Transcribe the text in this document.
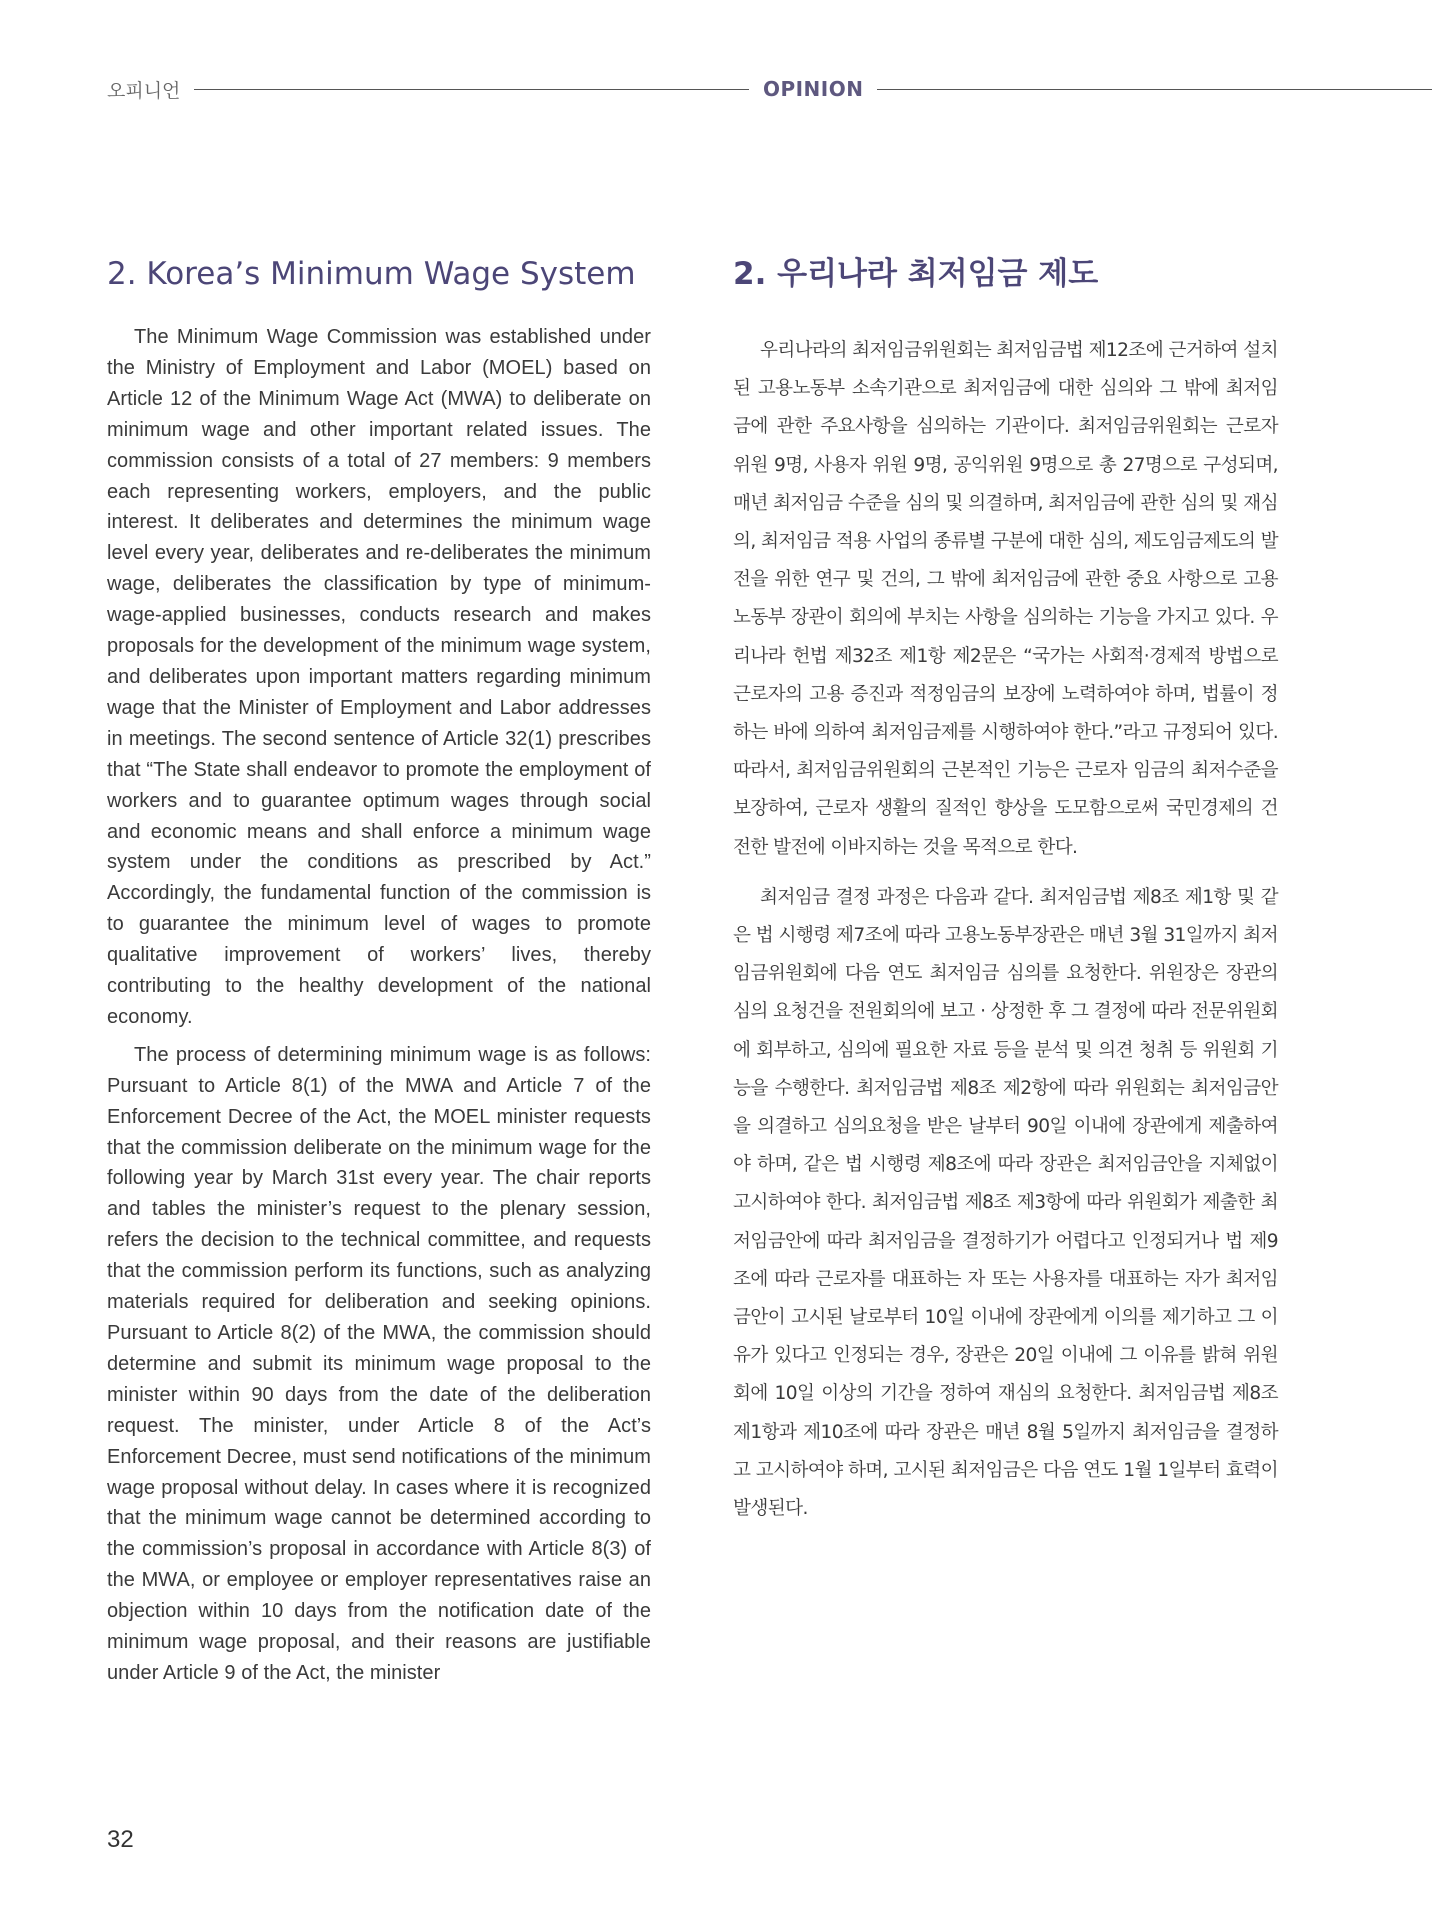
오피니언	OPINION
2. Korea’s Minimum Wage System

The Minimum Wage Commission was established under the Ministry of Employment and Labor (MOEL) based on Article 12 of the Minimum Wage Act (MWA) to deliberate on minimum wage and other important related issues. The commission consists of a total of 27 members: 9 members each representing workers, employers, and the public interest. It deliberates and determines the minimum wage level every year, deliberates and re-deliberates the minimum wage, deliberates the classification by type of minimum-wage-applied businesses, conducts research and makes proposals for the development of the minimum wage system, and deliberates upon important matters regarding minimum wage that the Minister of Employment and Labor addresses in meetings. The second sentence of Article 32(1) prescribes that “The State shall endeavor to promote the employment of workers and to guarantee optimum wages through social and economic means and shall enforce a minimum wage system under the conditions as prescribed by Act.” Accordingly, the fundamental function of the commission is to guarantee the minimum level of wages to promote qualitative improvement of workers’ lives, thereby contributing to the healthy development of the national economy.

The process of determining minimum wage is as follows: Pursuant to Article 8(1) of the MWA and Article 7 of the Enforcement Decree of the Act, the MOEL minister requests that the commission deliberate on the minimum wage for the following year by March 31st every year. The chair reports and tables the minister’s request to the plenary session, refers the decision to the technical committee, and requests that the commission perform its functions, such as analyzing materials required for deliberation and seeking opinions. Pursuant to Article 8(2) of the MWA, the commission should determine and submit its minimum wage proposal to the minister within 90 days from the date of the deliberation request. The minister, under Article 8 of the Act’s Enforcement Decree, must send notifications of the minimum wage proposal without delay. In cases where it is recognized that the minimum wage cannot be determined according to the commission’s proposal in accordance with Article 8(3) of the MWA, or employee or employer representatives raise an objection within 10 days from the notification date of the minimum wage proposal, and their reasons are justifiable under Article 9 of the Act, the minister

2. 우리나라 최저임금 제도

우리나라의 최저임금위원회는 최저임금법 제12조에 근거하여 설치된 고용노동부 소속기관으로 최저임금에 대한 심의와 그 밖에 최저임금에 관한 주요사항을 심의하는 기관이다. 최저임금위원회는 근로자 위원 9명, 사용자 위원 9명, 공익위원 9명으로 총 27명으로 구성되며, 매년 최저임금 수준을 심의 및 의결하며, 최저임금에 관한 심의 및 재심의, 최저임금 적용 사업의 종류별 구분에 대한 심의, 제도임금제도의 발전을 위한 연구 및 건의, 그 밖에 최저임금에 관한 중요 사항으로 고용노동부 장관이 회의에 부치는 사항을 심의하는 기능을 가지고 있다. 우리나라 헌법 제32조 제1항 제2문은 “국가는 사회적·경제적 방법으로 근로자의 고용 증진과 적정임금의 보장에 노력하여야 하며, 법률이 정하는 바에 의하여 최저임금제를 시행하여야 한다.”라고 규정되어 있다. 따라서, 최저임금위원회의 근본적인 기능은 근로자 임금의 최저수준을 보장하여, 근로자 생활의 질적인 향상을 도모함으로써 국민경제의 건전한 발전에 이바지하는 것을 목적으로 한다.

최저임금 결정 과정은 다음과 같다. 최저임금법 제8조 제1항 및 같은 법 시행령 제7조에 따라 고용노동부장관은 매년 3월 31일까지 최저임금위원회에 다음 연도 최저임금 심의를 요청한다. 위원장은 장관의 심의 요청건을 전원회의에 보고 · 상정한 후 그 결정에 따라 전문위원회에 회부하고, 심의에 필요한 자료 등을 분석 및 의견 청취 등 위원회 기능을 수행한다. 최저임금법 제8조 제2항에 따라 위원회는 최저임금안을 의결하고 심의요청을 받은 날부터 90일 이내에 장관에게 제출하여야 하며, 같은 법 시행령 제8조에 따라 장관은 최저임금안을 지체없이 고시하여야 한다. 최저임금법 제8조 제3항에 따라 위원회가 제출한 최저임금안에 따라 최저임금을 결정하기가 어렵다고 인정되거나 법 제9조에 따라 근로자를 대표하는 자 또는 사용자를 대표하는 자가 최저임금안이 고시된 날로부터 10일 이내에 장관에게 이의를 제기하고 그 이유가 있다고 인정되는 경우, 장관은 20일 이내에 그 이유를 밝혀 위원회에 10일 이상의 기간을 정하여 재심의 요청한다. 최저임금법 제8조 제1항과 제10조에 따라 장관은 매년 8월 5일까지 최저임금을 결정하고 고시하여야 하며, 고시된 최저임금은 다음 연도 1월 1일부터 효력이 발생된다.

32
